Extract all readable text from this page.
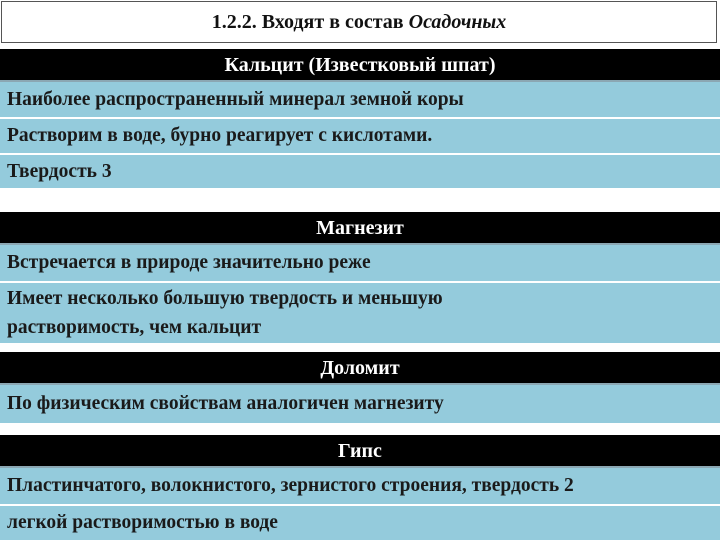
1.2.2. Входят в состав Осадочных
Кальцит (Известковый шпат)
Наиболее распространенный минерал земной коры
Растворим в воде, бурно реагирует с кислотами.
Твердость 3
Магнезит
Встречается в природе значительно реже
Имеет несколько большую твердость и меньшую растворимость, чем кальцит
Доломит
По физическим свойствам аналогичен магнезиту
Гипс
Пластинчатого, волокнистого, зернистого строения, твердость 2
легкой растворимостью в воде
